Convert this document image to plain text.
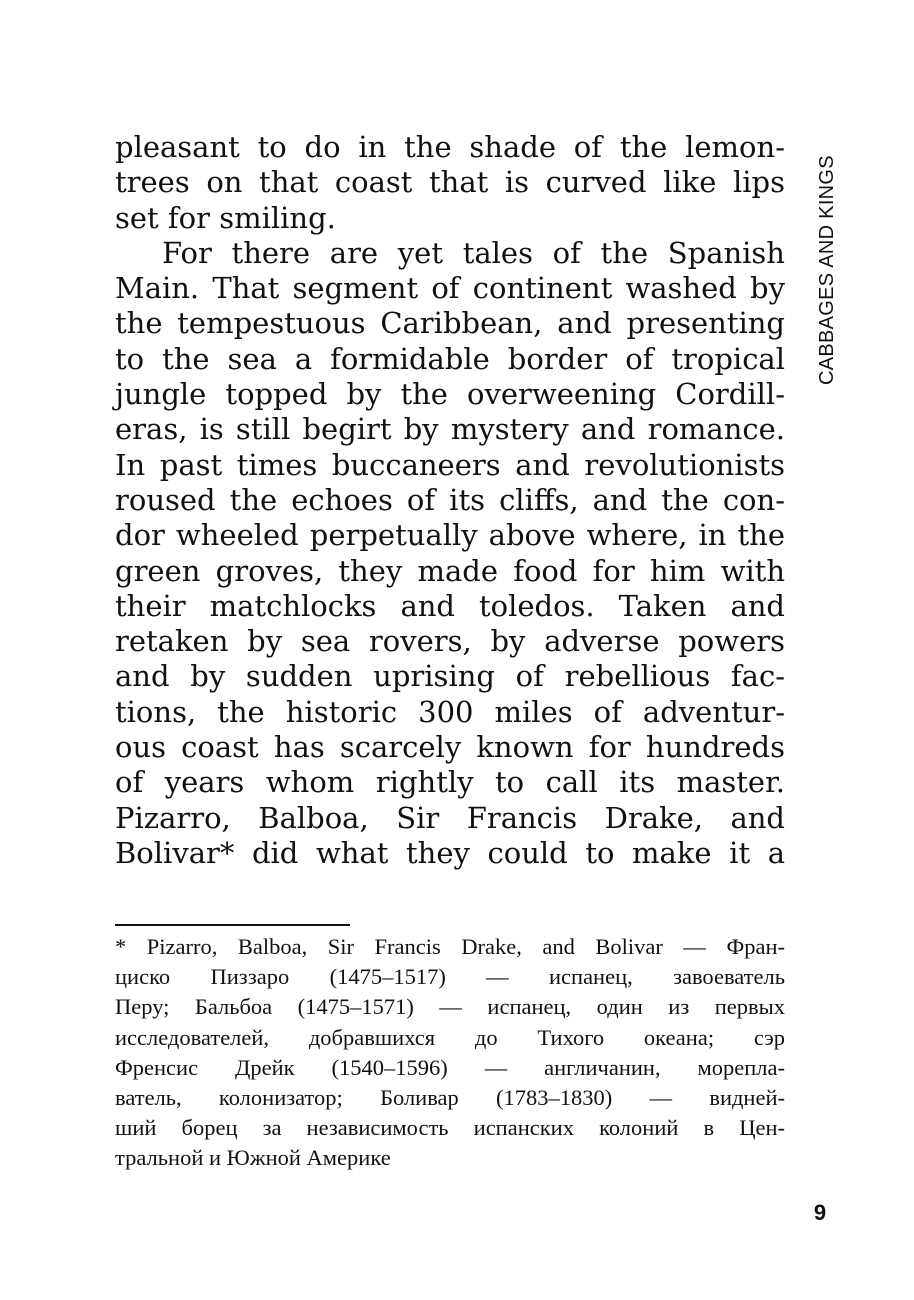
pleasant to do in the shade of the lemon-
trees on that coast that is curved like lips
set for smiling.
For there are yet tales of the Spanish
Main. That segment of continent washed by
the tempestuous Caribbean, and presenting
to the sea a formidable border of tropical
jungle topped by the overweening Cordill-
eras, is still begirt by mystery and romance.
In past times buccaneers and revolutionists
roused the echoes of its cliffs, and the con-
dor wheeled perpetually above where, in the
green groves, they made food for him with
their matchlocks and toledos. Taken and
retaken by sea rovers, by adverse powers
and by sudden uprising of rebellious fac-
tions, the historic 300 miles of adventur-
ous coast has scarcely known for hundreds
of years whom rightly to call its master.
Pizarro, Balboa, Sir Francis Drake, and
Bolivar* did what they could to make it a
* Pizarro, Balboa, Sir Francis Drake, and Bolivar — Фран-
циско Пиззаро (1475–1517) — испанец, завоеватель
Перу; Бальбоа (1475–1571) — испанец, один из первых
исследователей, добравшихся до Тихого океана; сэр
Френсис Дрейк (1540–1596) — англичанин, морепла-
ватель, колонизатор; Боливар (1783–1830) — видней-
ший борец за независимость испанских колоний в Цен-
тральной и Южной Америке
CABBAGES AND KINGS
9
